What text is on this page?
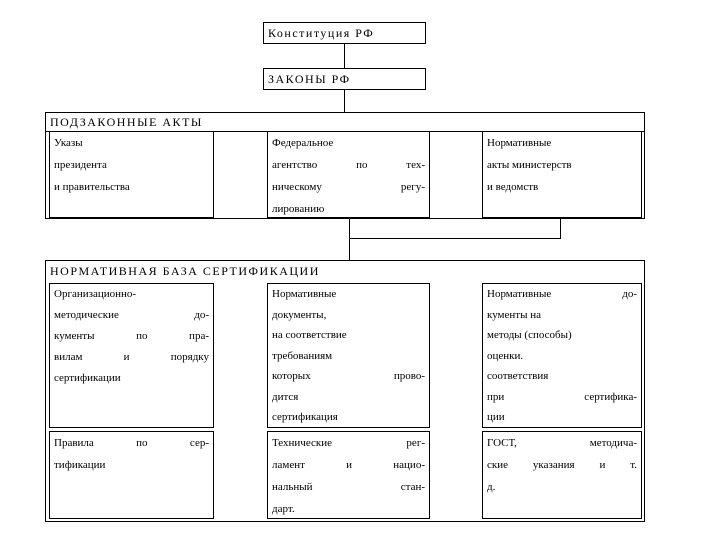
Конституция РФ
ЗАКОНЫ РФ
ПОДЗАКОННЫЕ АКТЫ
Указы
президента
и правительства
Федеральное
агентство по тех-
ническому регу-
лированию
Нормативные
акты министерств
и ведомств
НОРМАТИВНАЯ БАЗА СЕРТИФИКАЦИИ
Организационно-
методические до-
кументы по пра-
вилам и порядку
сертификации
Нормативные
документы,
на соответствие
требованиям
которых прово-
дится
сертификация
Нормативные до-
кументы на
методы (способы)
оценки.
соответствия
при сертифика-
ции
Правила по сер-
тификации
Технические рег-
ламент и нацио-
нальный стан-
дарт.
ГОСТ, методича-
ские указания и т.
д.
